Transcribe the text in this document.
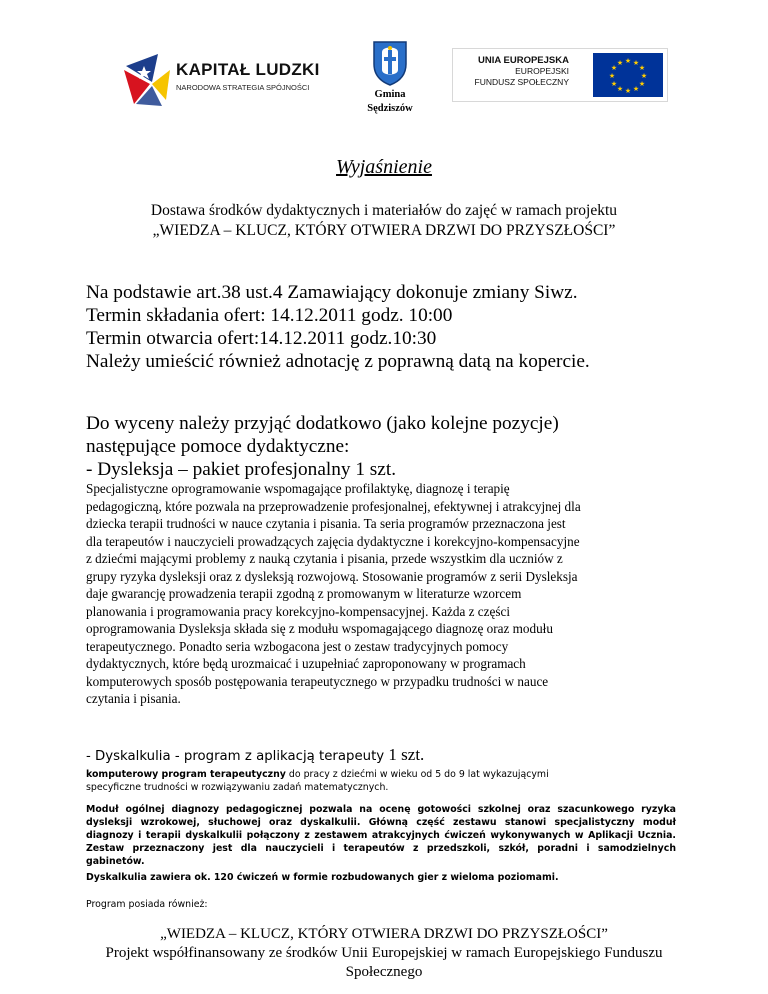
KAPITAŁ LUDZKI
NARODOWA STRATEGIA SPÓJNOŚCI
Gmina
Sędziszów
UNIA EUROPEJSKA
EUROPEJSKI
FUNDUSZ SPOŁECZNY
★ ★
★
★
★
★
★
★
★
★
★
★
Wyjaśnienie
Dostawa środków dydaktycznych i materiałów do zajęć w ramach projektu
„WIEDZA – KLUCZ, KTÓRY OTWIERA DRZWI DO PRZYSZŁOŚCI”
Na podstawie art.38 ust.4 Zamawiający dokonuje zmiany Siwz.
Termin składania ofert: 14.12.2011 godz. 10:00
Termin otwarcia ofert:14.12.2011 godz.10:30
Należy umieścić również adnotację z poprawną datą na kopercie.
Do wyceny należy przyjąć dodatkowo (jako kolejne pozycje)
następujące pomoce dydaktyczne:
- Dysleksja – pakiet profesjonalny 1 szt.
Specjalistyczne oprogramowanie wspomagające profilaktykę, diagnozę i terapię
pedagogiczną, które pozwala na przeprowadzenie profesjonalnej, efektywnej i atrakcyjnej dla
dziecka terapii trudności w nauce czytania i pisania. Ta seria programów przeznaczona jest
dla terapeutów i nauczycieli prowadzących zajęcia dydaktyczne i korekcyjno-kompensacyjne
z dziećmi mającymi problemy z nauką czytania i pisania, przede wszystkim dla uczniów z
grupy ryzyka dysleksji oraz z dysleksją rozwojową. Stosowanie programów z serii Dysleksja
daje gwarancję prowadzenia terapii zgodną z promowanym w literaturze wzorcem
planowania i programowania pracy korekcyjno-kompensacyjnej. Każda z części
oprogramowania Dysleksja składa się z modułu wspomagającego diagnozę oraz modułu
terapeutycznego. Ponadto seria wzbogacona jest o zestaw tradycyjnych pomocy
dydaktycznych, które będą urozmaicać i uzupełniać zaproponowany w programach
komputerowych sposób postępowania terapeutycznego w przypadku trudności w nauce
czytania i pisania.
- Dyskalkulia - program z aplikacją terapeuty 1 szt.
komputerowy program terapeutyczny do pracy z dziećmi w wieku od 5 do 9 lat wykazującymi
specyficzne trudności w rozwiązywaniu zadań matematycznych.
Moduł ogólnej diagnozy pedagogicznej pozwala na ocenę gotowości szkolnej oraz szacunkowego ryzyka dysleksji wzrokowej, słuchowej oraz dyskalkulii. Główną część zestawu stanowi specjalistyczny moduł diagnozy i terapii dyskalkulii połączony z zestawem atrakcyjnych ćwiczeń wykonywanych w Aplikacji Ucznia. Zestaw przeznaczony jest dla nauczycieli i terapeutów z przedszkoli, szkół, poradni i samodzielnych gabinetów.
Dyskalkulia zawiera ok. 120 ćwiczeń w formie rozbudowanych gier z wieloma poziomami.
Program posiada również:
„WIEDZA – KLUCZ, KTÓRY OTWIERA DRZWI DO PRZYSZŁOŚCI”
Projekt współfinansowany ze środków Unii Europejskiej w ramach Europejskiego Funduszu
Społecznego
